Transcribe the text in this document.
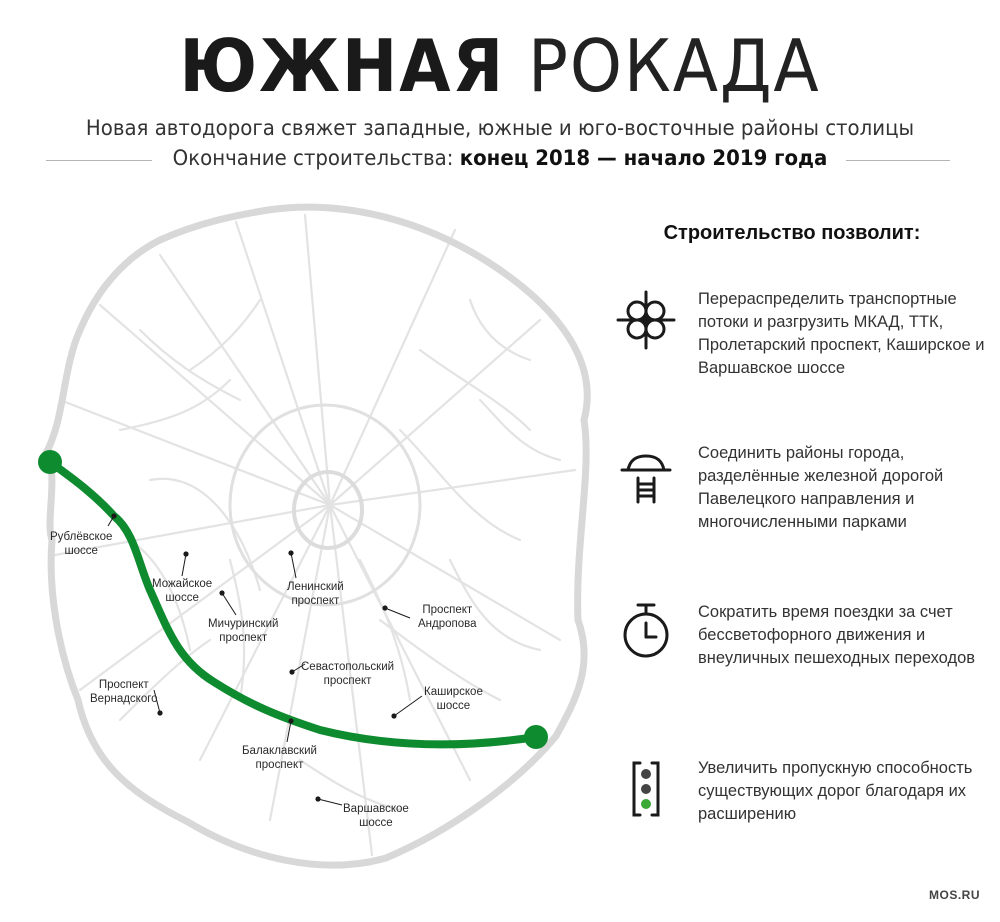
ЮЖНАЯ РОКАДА
Новая автодорога свяжет западные, южные и юго-восточные районы столицы
Окончание строительства: конец 2018 — начало 2019 года
Рублёвское
шоссе
Можайское
шоссе
Ленинский
проспект
Проспект
Андропова
Мичуринский
проспект
Севастопольский
проспект
Проспект
Вернадского
Каширское
шоссе
Балаклавский
проспект
Варшавское
шоссе
Строительство позволит:
Перераспределить транспортные потоки и разгрузить МКАД, ТТК, Пролетарский проспект, Каширское и Варшавское шоссе
Соединить районы города, разделённые железной дорогой Павелецкого направления и многочисленными парками
Сократить время поездки за счет бессветофорного движения и внеуличных пешеходных переходов
Увеличить пропускную способность существующих дорог благодаря их расширению
MOS.RU
